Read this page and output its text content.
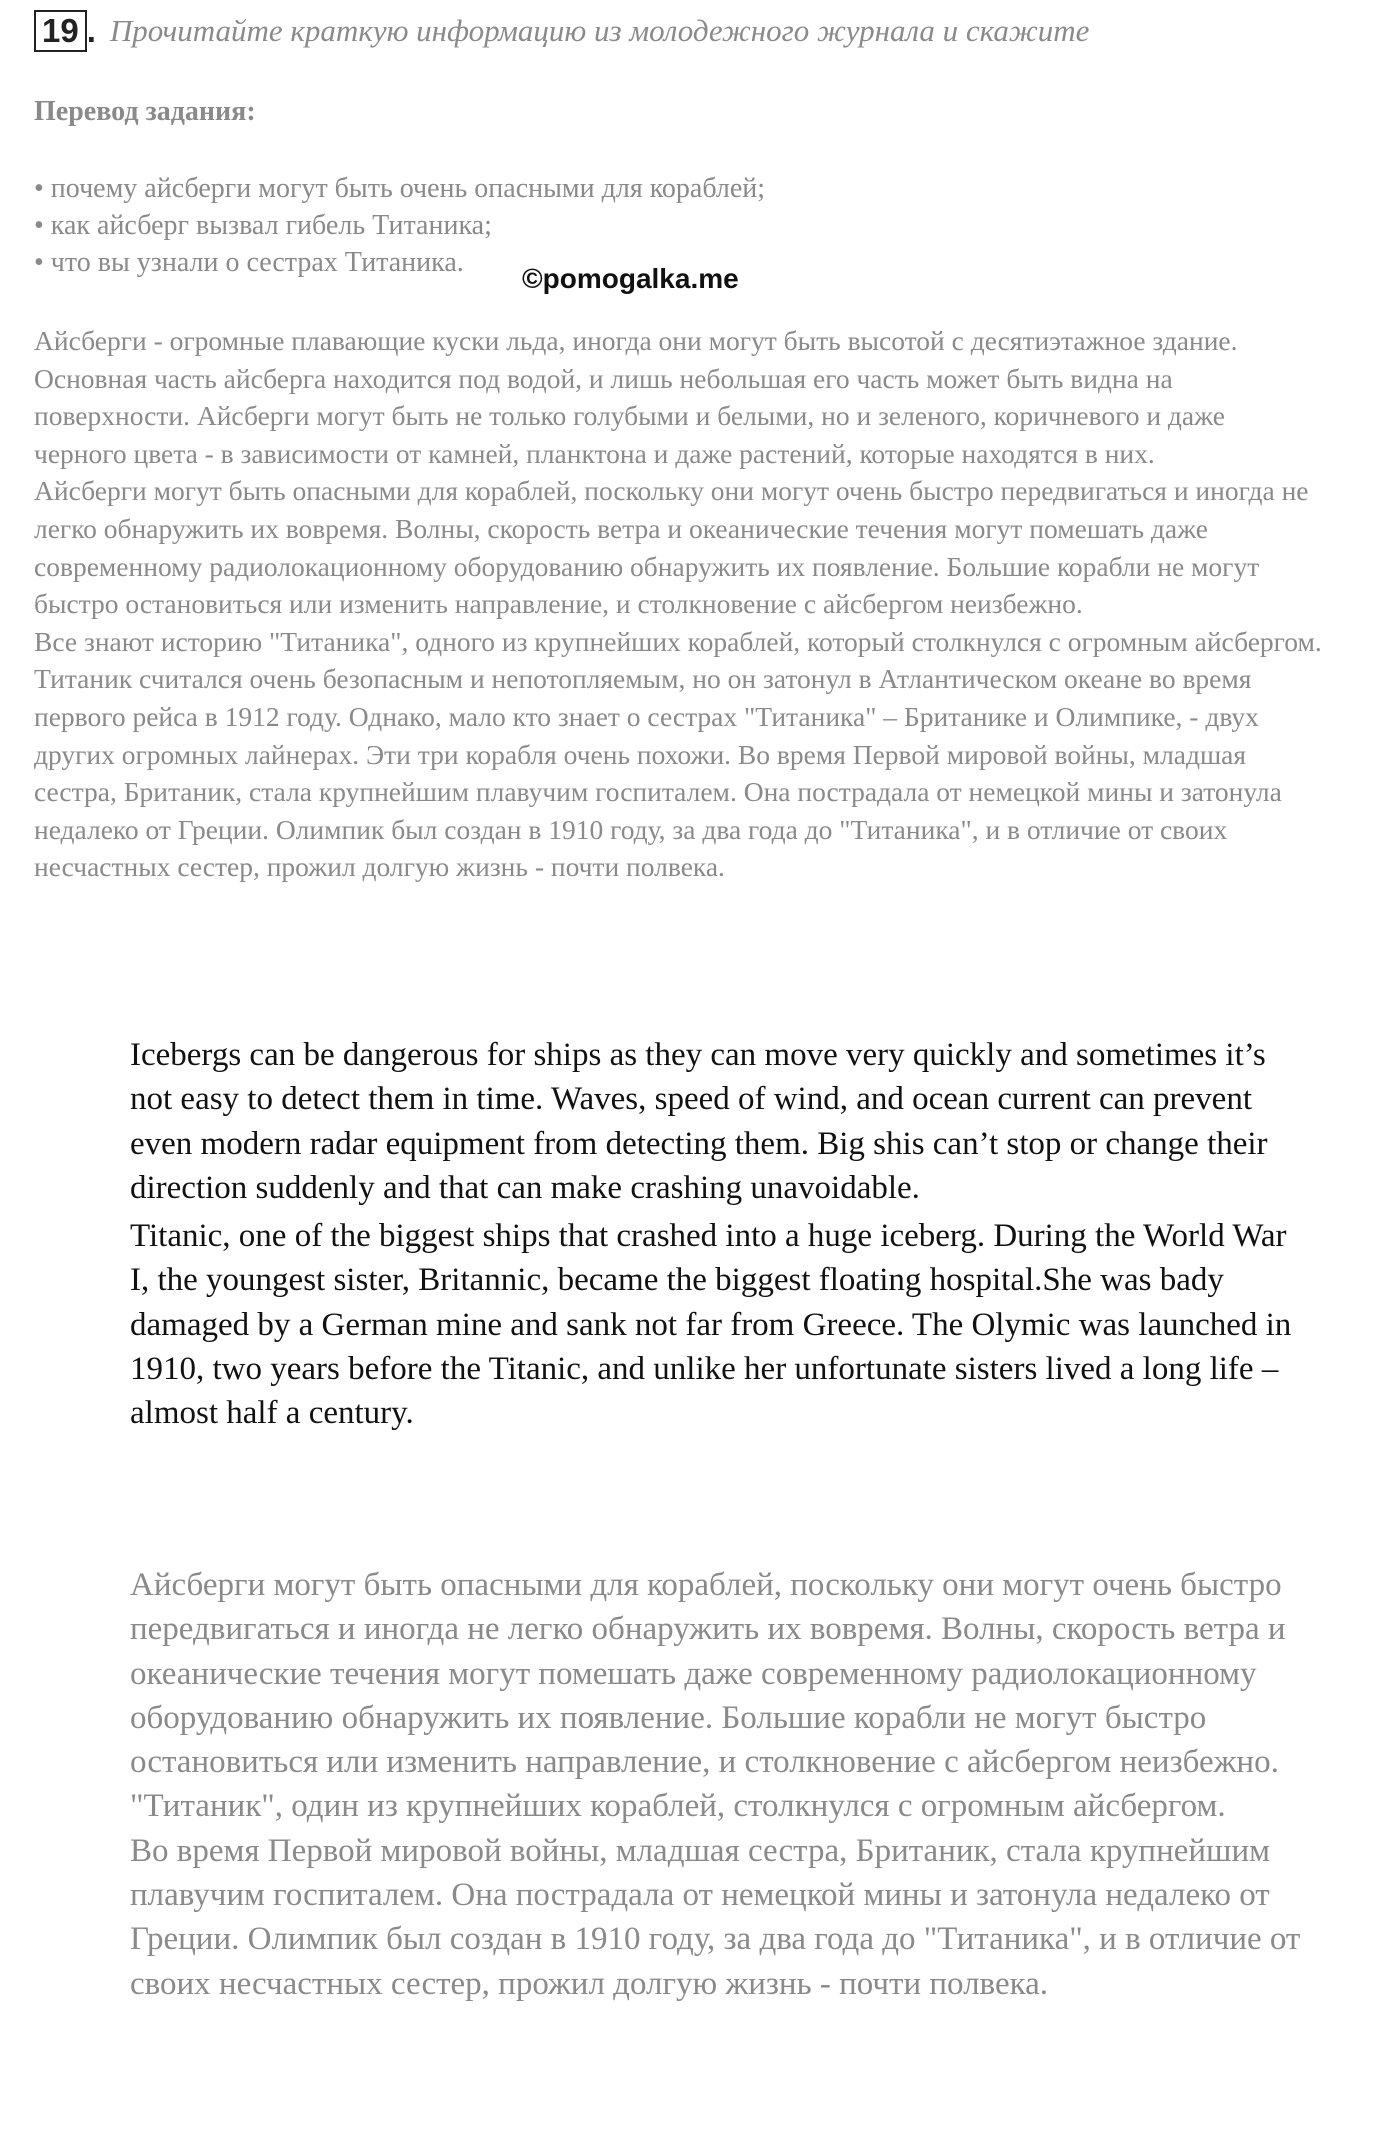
19 . Прочитайте краткую информацию из молодежного журнала и скажите
Перевод задания:
• почему айсберги могут быть очень опасными для кораблей;
• как айсберг вызвал гибель Титаника;
• что вы узнали о сестрах Титаника.
©pomogalka.me

Айсберги - огромные плавающие куски льда, иногда они могут быть высотой с десятиэтажное здание. Основная часть айсберга находится под водой, и лишь небольшая его часть может быть видна на поверхности. Айсберги могут быть не только голубыми и белыми, но и зеленого, коричневого и даже черного цвета - в зависимости от камней, планктона и даже растений, которые находятся в них.

Айсберги могут быть опасными для кораблей, поскольку они могут очень быстро передвигаться и иногда не легко обнаружить их вовремя. Волны, скорость ветра и океанические течения могут помешать даже современному радиолокационному оборудованию обнаружить их появление. Большие корабли не могут быстро остановиться или изменить направление, и столкновение с айсбергом неизбежно.

Все знают историю "Титаника", одного из крупнейших кораблей, который столкнулся с огромным айсбергом. Титаник считался очень безопасным и непотопляемым, но он затонул в Атлантическом океане во время первого рейса в 1912 году. Однако, мало кто знает о сестрах "Титаника" – Британике и Олимпике, - двух других огромных лайнерах. Эти три корабля очень похожи. Во время Первой мировой войны, младшая сестра, Британик, стала крупнейшим плавучим госпиталем. Она пострадала от немецкой мины и затонула недалеко от Греции. Олимпик был создан в 1910 году, за два года до "Титаника", и в отличие от своих несчастных сестер, прожил долгую жизнь - почти полвека.

Icebergs can be dangerous for ships as they can move very quickly and sometimes it’s not easy to detect them in time. Waves, speed of wind, and ocean current can prevent even modern radar equipment from detecting them. Big shis can’t stop or change their direction suddenly and that can make crashing unavoidable.

Titanic, one of the biggest ships that crashed into a huge iceberg. During the World War I, the youngest sister, Britannic, became the biggest floating hospital.She was bady damaged by a German mine and sank not far from Greece. The Olymic was launched in 1910, two years before the Titanic, and unlike her unfortunate sisters lived a long life – almost half a century.

Айсберги могут быть опасными для кораблей, поскольку они могут очень быстро передвигаться и иногда не легко обнаружить их вовремя. Волны, скорость ветра и океанические течения могут помешать даже современному радиолокационному оборудованию обнаружить их появление. Большие корабли не могут быстро остановиться или изменить направление, и столкновение с айсбергом неизбежно. "Титаник", один из крупнейших кораблей, столкнулся с огромным айсбергом.

Во время Первой мировой войны, младшая сестра, Британик, стала крупнейшим плавучим госпиталем. Она пострадала от немецкой мины и затонула недалеко от Греции. Олимпик был создан в 1910 году, за два года до "Титаника", и в отличие от своих несчастных сестер, прожил долгую жизнь - почти полвека.
